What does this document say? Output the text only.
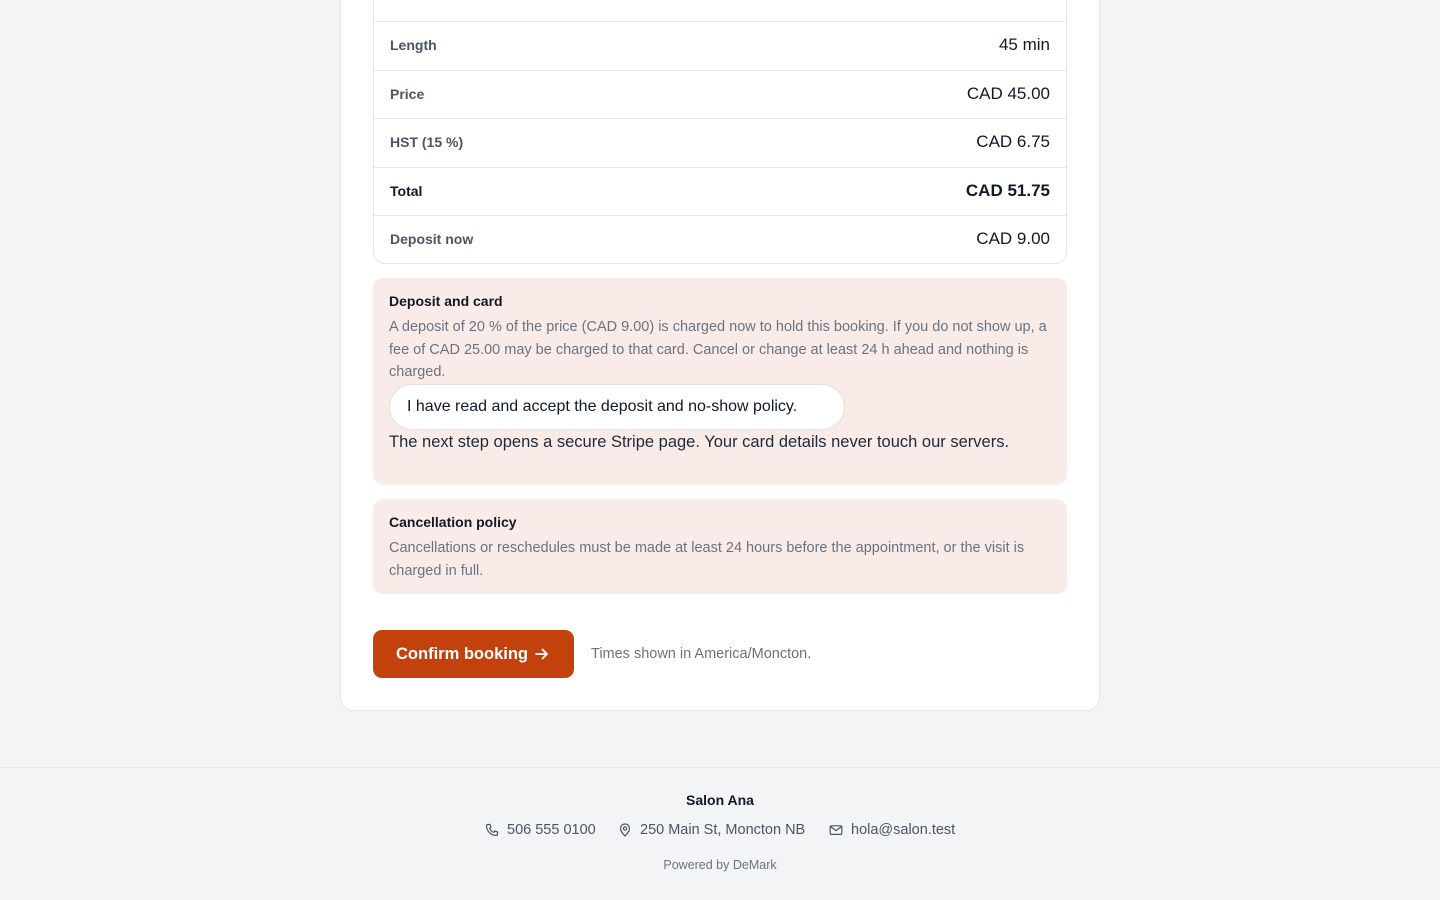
Length	45 min
Price	CAD 45.00
HST (15 %)	CAD 6.75
Total	CAD 51.75
Deposit now	CAD 9.00
Deposit and card
A deposit of 20 % of the price (CAD 9.00) is charged now to hold this booking. If you do not show up, a fee of CAD 25.00 may be charged to that card. Cancel or change at least 24 h ahead and nothing is charged.
I have read and accept the deposit and no-show policy.
The next step opens a secure Stripe page. Your card details never touch our servers.
Cancellation policy
Cancellations or reschedules must be made at least 24 hours before the appointment, or the visit is charged in full.
Confirm booking	Times shown in America/Moncton.
Salon Ana
506 555 0100	250 Main St, Moncton NB	hola@salon.test
Powered by DeMark
